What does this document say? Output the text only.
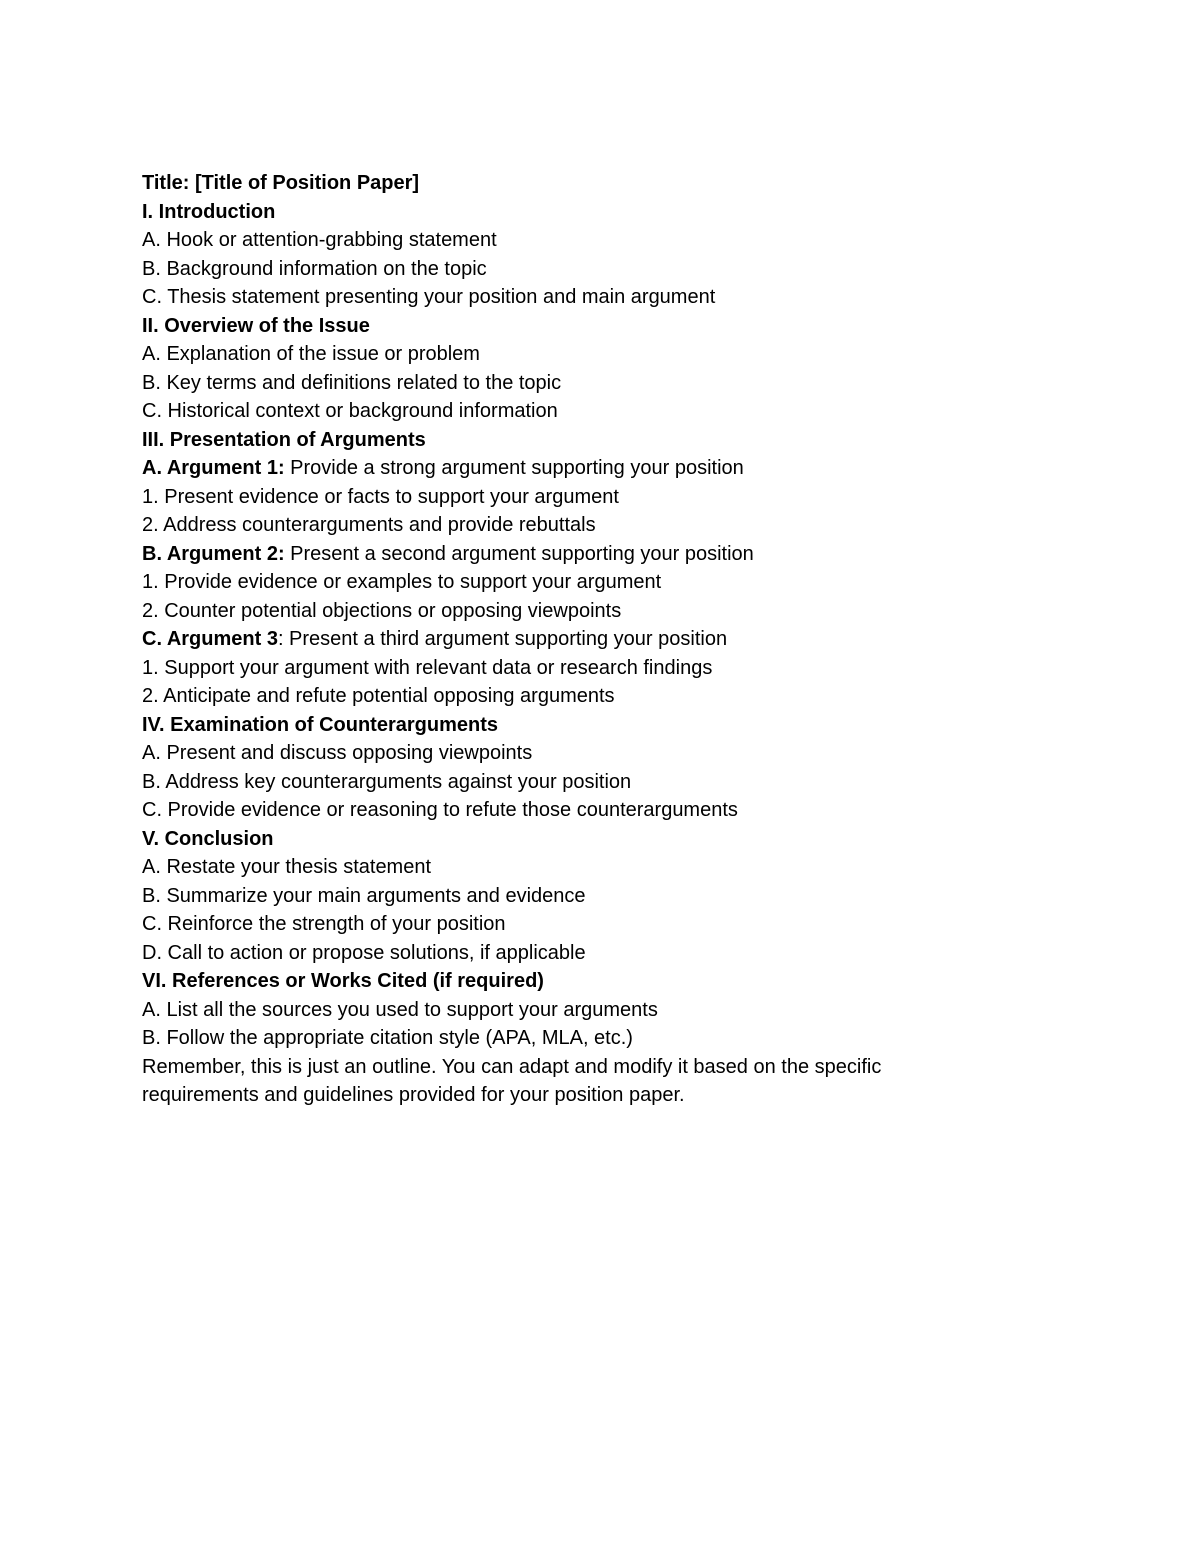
Title: [Title of Position Paper]
I. Introduction
A. Hook or attention-grabbing statement
B. Background information on the topic
C. Thesis statement presenting your position and main argument
II. Overview of the Issue
A. Explanation of the issue or problem
B. Key terms and definitions related to the topic
C. Historical context or background information
III. Presentation of Arguments
A. Argument 1: Provide a strong argument supporting your position
1. Present evidence or facts to support your argument
2. Address counterarguments and provide rebuttals
B. Argument 2: Present a second argument supporting your position
1. Provide evidence or examples to support your argument
2. Counter potential objections or opposing viewpoints
C. Argument 3: Present a third argument supporting your position
1. Support your argument with relevant data or research findings
2. Anticipate and refute potential opposing arguments
IV. Examination of Counterarguments
A. Present and discuss opposing viewpoints
B. Address key counterarguments against your position
C. Provide evidence or reasoning to refute those counterarguments
V. Conclusion
A. Restate your thesis statement
B. Summarize your main arguments and evidence
C. Reinforce the strength of your position
D. Call to action or propose solutions, if applicable
VI. References or Works Cited (if required)
A. List all the sources you used to support your arguments
B. Follow the appropriate citation style (APA, MLA, etc.)
Remember, this is just an outline. You can adapt and modify it based on the specific requirements and guidelines provided for your position paper.
